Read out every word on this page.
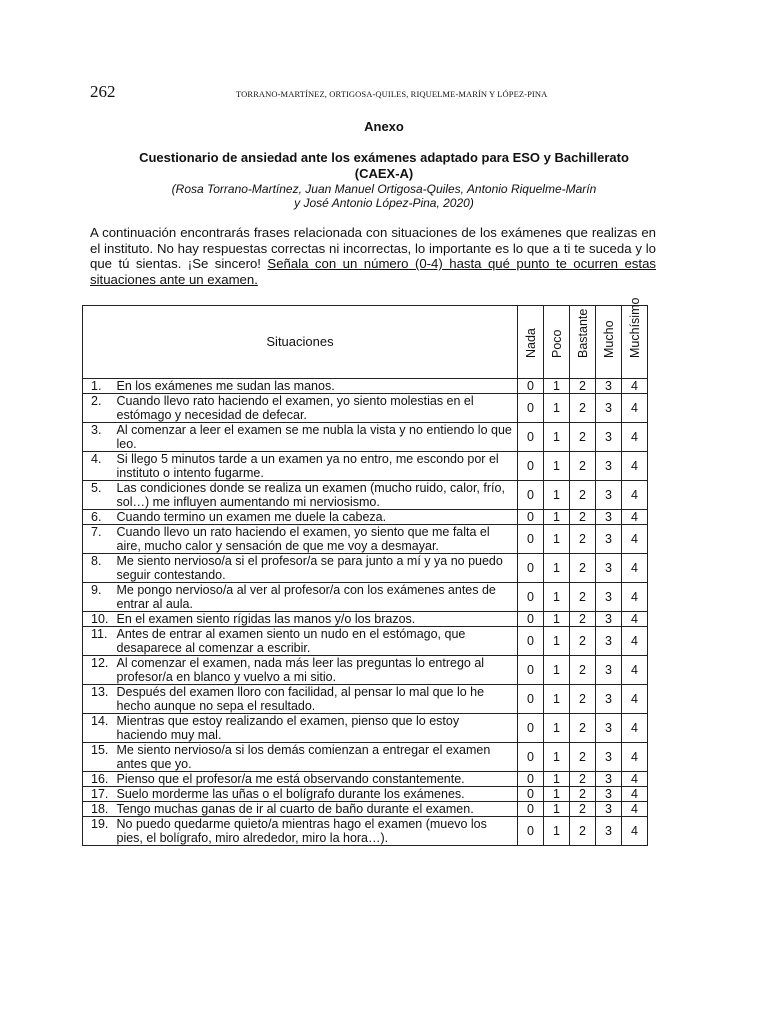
262	TORRANO-MARTÍNEZ, ORTIGOSA-QUILES, RIQUELME-MARÍN Y LÓPEZ-PINA
Anexo
Cuestionario de ansiedad ante los exámenes adaptado para ESO y Bachillerato
(CAEX-A)
(Rosa Torrano-Martínez, Juan Manuel Ortigosa-Quiles, Antonio Riquelme-Marín
y José Antonio López-Pina, 2020)
A continuación encontrarás frases relacionada con situaciones de los exámenes que realizas en el instituto. No hay respuestas correctas ni incorrectas, lo importante es lo que a ti te suceda y lo que tú sientas. ¡Se sincero! Señala con un número (0-4) hasta qué punto te ocurren estas situaciones ante un examen.
Situaciones		Nada	Poco	Bastante	Mucho	Muchísimo

1.	En los exámenes me sudan las manos.	0	1	2	3	4
2.	Cuando llevo rato haciendo el examen, yo siento molestias en el estómago y necesidad de defecar.	0	1	2	3	4
3.	Al comenzar a leer el examen se me nubla la vista y no entiendo lo que leo.	0	1	2	3	4
4.	Si llego 5 minutos tarde a un examen ya no entro, me escondo por el instituto o intento fugarme.	0	1	2	3	4
5.	Las condiciones donde se realiza un examen (mucho ruido, calor, frío, sol…) me influyen aumentando mi nerviosismo.	0	1	2	3	4
6.	Cuando termino un examen me duele la cabeza.	0	1	2	3	4
7.	Cuando llevo un rato haciendo el examen, yo siento que me falta el aire, mucho calor y sensación de que me voy a desmayar.	0	1	2	3	4
8.	Me siento nervioso/a si el profesor/a se para junto a mí y ya no puedo seguir contestando.	0	1	2	3	4
9.	Me pongo nervioso/a al ver al profesor/a con los exámenes antes de entrar al aula.	0	1	2	3	4
10.	En el examen siento rígidas las manos y/o los brazos.	0	1	2	3	4
11.	Antes de entrar al examen siento un nudo en el estómago, que desaparece al comenzar a escribir.	0	1	2	3	4
12.	Al comenzar el examen, nada más leer las preguntas lo entrego al profesor/a en blanco y vuelvo a mi sitio.	0	1	2	3	4
13.	Después del examen lloro con facilidad, al pensar lo mal que lo he hecho aunque no sepa el resultado.	0	1	2	3	4
14.	Mientras que estoy realizando el examen, pienso que lo estoy haciendo muy mal.	0	1	2	3	4
15.	Me siento nervioso/a si los demás comienzan a entregar el examen antes que yo.	0	1	2	3	4
16.	Pienso que el profesor/a me está observando constantemente.	0	1	2	3	4
17.	Suelo morderme las uñas o el bolígrafo durante los exámenes.	0	1	2	3	4
18.	Tengo muchas ganas de ir al cuarto de baño durante el examen.	0	1	2	3	4
19.	No puedo quedarme quieto/a mientras hago el examen (muevo los pies, el bolígrafo, miro alrededor, miro la hora…).	0	1	2	3	4
